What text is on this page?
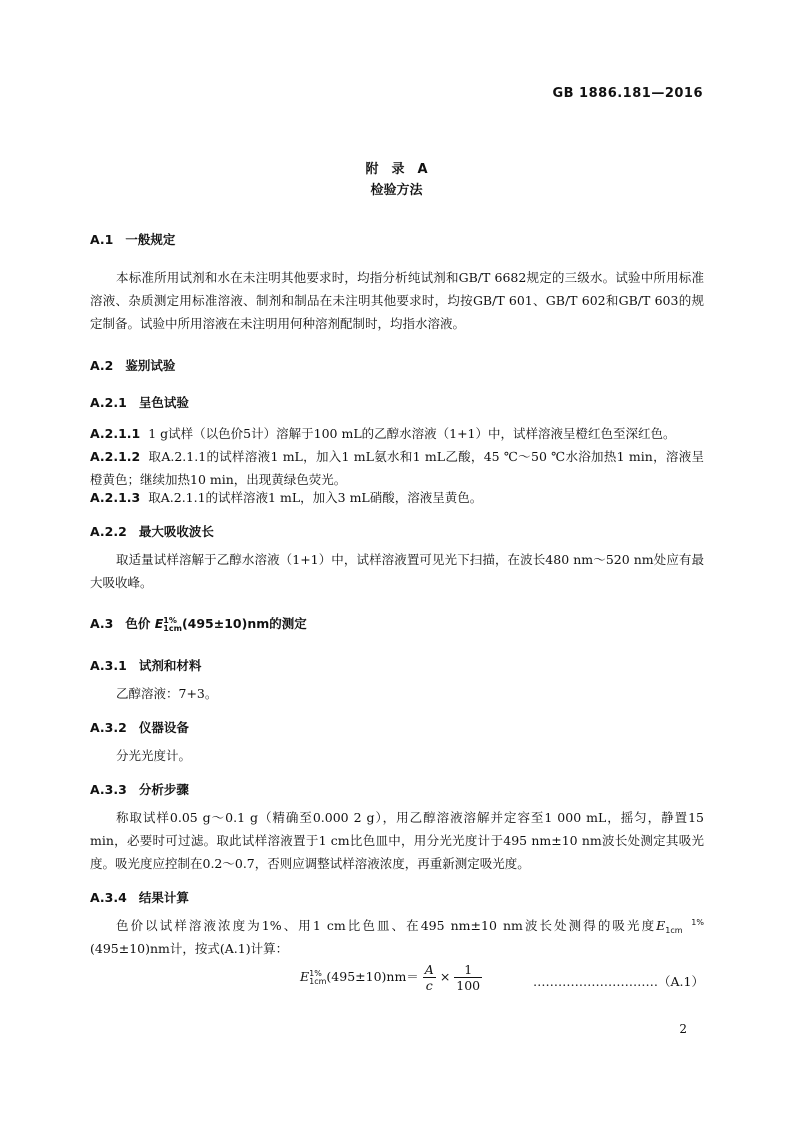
GB 1886.181—2016
附　录　A
检验方法
A.1 一般规定
本标准所用试剂和水在未注明其他要求时，均指分析纯试剂和GB/T 6682规定的三级水。试验中所用标准溶液、杂质测定用标准溶液、制剂和制品在未注明其他要求时，均按GB/T 601、GB/T 602和GB/T 603的规定制备。试验中所用溶液在未注明用何种溶剂配制时，均指水溶液。
A.2 鉴别试验
A.2.1 呈色试验
A.2.1.1 1 g试样（以色价5计）溶解于100 mL的乙醇水溶液（1+1）中，试样溶液呈橙红色至深红色。
A.2.1.2 取A.2.1.1的试样溶液1 mL，加入1 mL氨水和1 mL乙酸，45 ℃～50 ℃水浴加热1 min，溶液呈橙黄色；继续加热10 min，出现黄绿色荧光。
A.2.1.3 取A.2.1.1的试样溶液1 mL，加入3 mL硝酸，溶液呈黄色。
A.2.2 最大吸收波长
取适量试样溶解于乙醇水溶液（1+1）中，试样溶液置可见光下扫描，在波长480 nm～520 nm处应有最大吸收峰。
A.3 色价 E1%
1cm(495±10)nm的测定
A.3.1 试剂和材料
乙醇溶液：7+3。
A.3.2 仪器设备
分光光度计。
A.3.3 分析步骤
称取试样0.05 g～0.1 g（精确至0.000 2 g），用乙醇溶液溶解并定容至1 000 mL，摇匀，静置15 min，必要时可过滤。取此试样溶液置于1 cm比色皿中，用分光光度计于495 nm±10 nm波长处测定其吸光度。吸光度应控制在0.2～0.7，否则应调整试样溶液浓度，再重新测定吸光度。
A.3.4 结果计算
色价以试样溶液浓度为1%、用1 cm比色皿、在495 nm±10 nm波长处测得的吸光度E	1%
1cm(495±10)nm计，按式(A.1)计算：
E1%
$1cm(495\pm 10)nm= \frac{A}{c} \times \frac{1}{100}$	…………………………（A.1）
2
